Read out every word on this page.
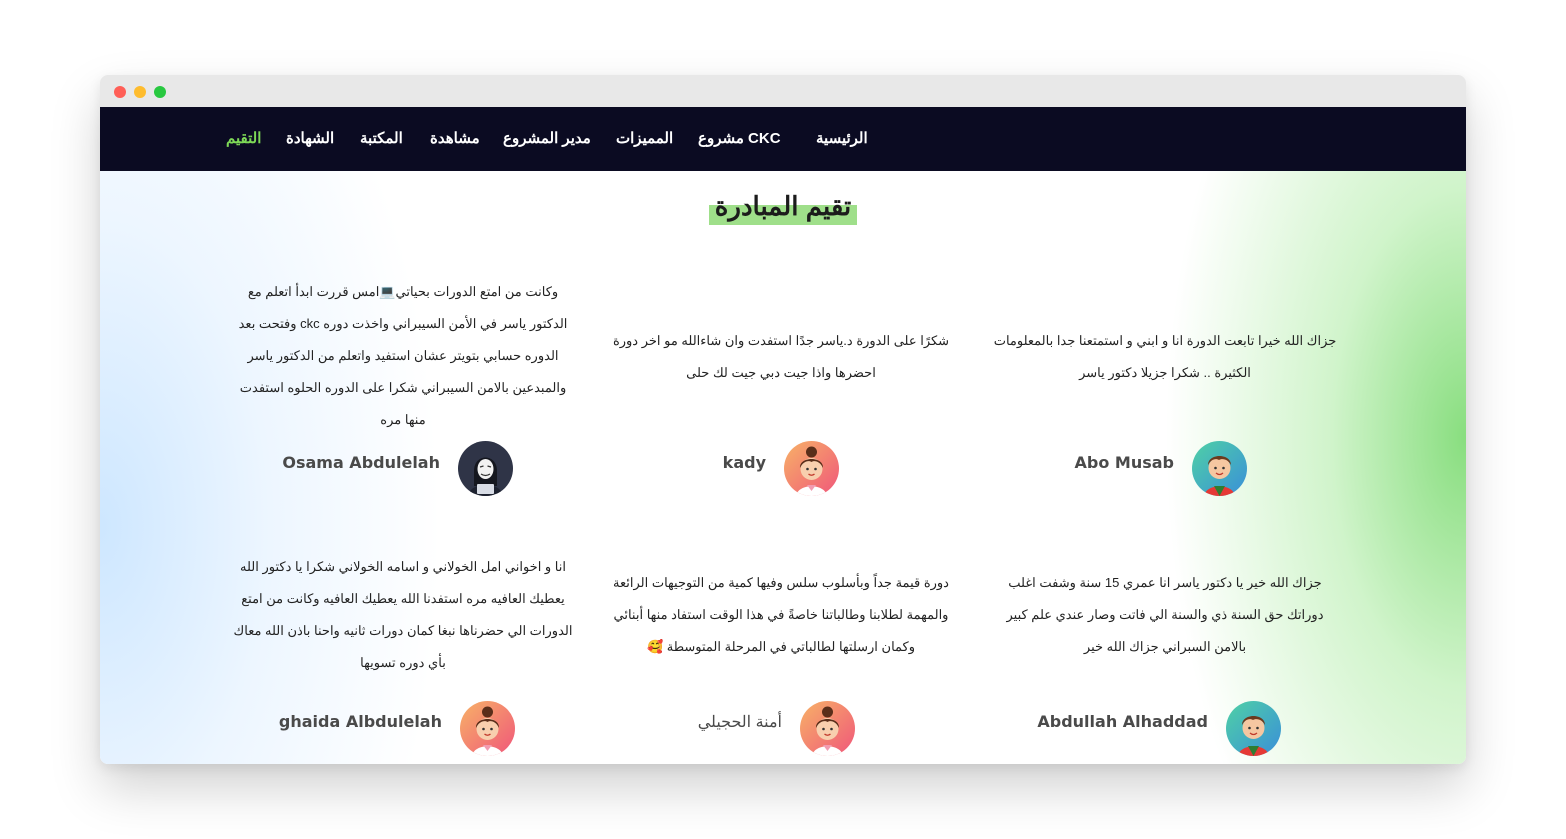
الرئيسية
مشروع CKC
المميزات
مدير المشروع
مشاهدة
المكتبة
الشهادة
التقيم
تقيم المبادرة
جزاك الله خيرا تابعت الدورة انا و ابني و استمتعنا جدا بالمعلومات الكثيرة .. شكرا جزيلا دكتور ياسر
Abo Musab
شكرًا على الدورة د.ياسر جدًا استفدت وان شاءالله مو اخر دورة احضرها واذا جيت دبي جيت لك حلى
kady
وكانت من امتع الدورات بحياتي💻امس قررت ابدأ اتعلم مع الدكتور ياسر في الأمن السيبراني واخذت دوره ckc وفتحت بعد الدوره حسابي بتويتر عشان استفيد واتعلم من الدكتور ياسر والمبدعين بالامن السيبراني شكرا على الدوره الحلوه استفدت منها مره
Osama Abdulelah
جزاك الله خير يا دكتور ياسر انا عمري 15 سنة وشفت اغلب دوراتك حق السنة ذي والسنة الي فاتت وصار عندي علم كبير بالامن السبراني جزاك الله خير
Abdullah Alhaddad
دورة قيمة جداً وبأسلوب سلس وفيها كمية من التوجيهات الرائعة والمهمة لطلابنا وطالباتنا خاصةً في هذا الوقت استفاد منها أبنائي وكمان ارسلتها لطالباتي في المرحلة المتوسطة 🥰
أمنة الحجيلي
انا و اخواني امل الخولاني و اسامه الخولاني شكرا يا دكتور الله يعطيك العافيه مره استفدنا الله يعطيك العافيه وكانت من امتع الدورات الي حضرناها نبغا كمان دورات ثانيه واحنا باذن الله معاك بأي دوره تسويها
ghaida Albdulelah
